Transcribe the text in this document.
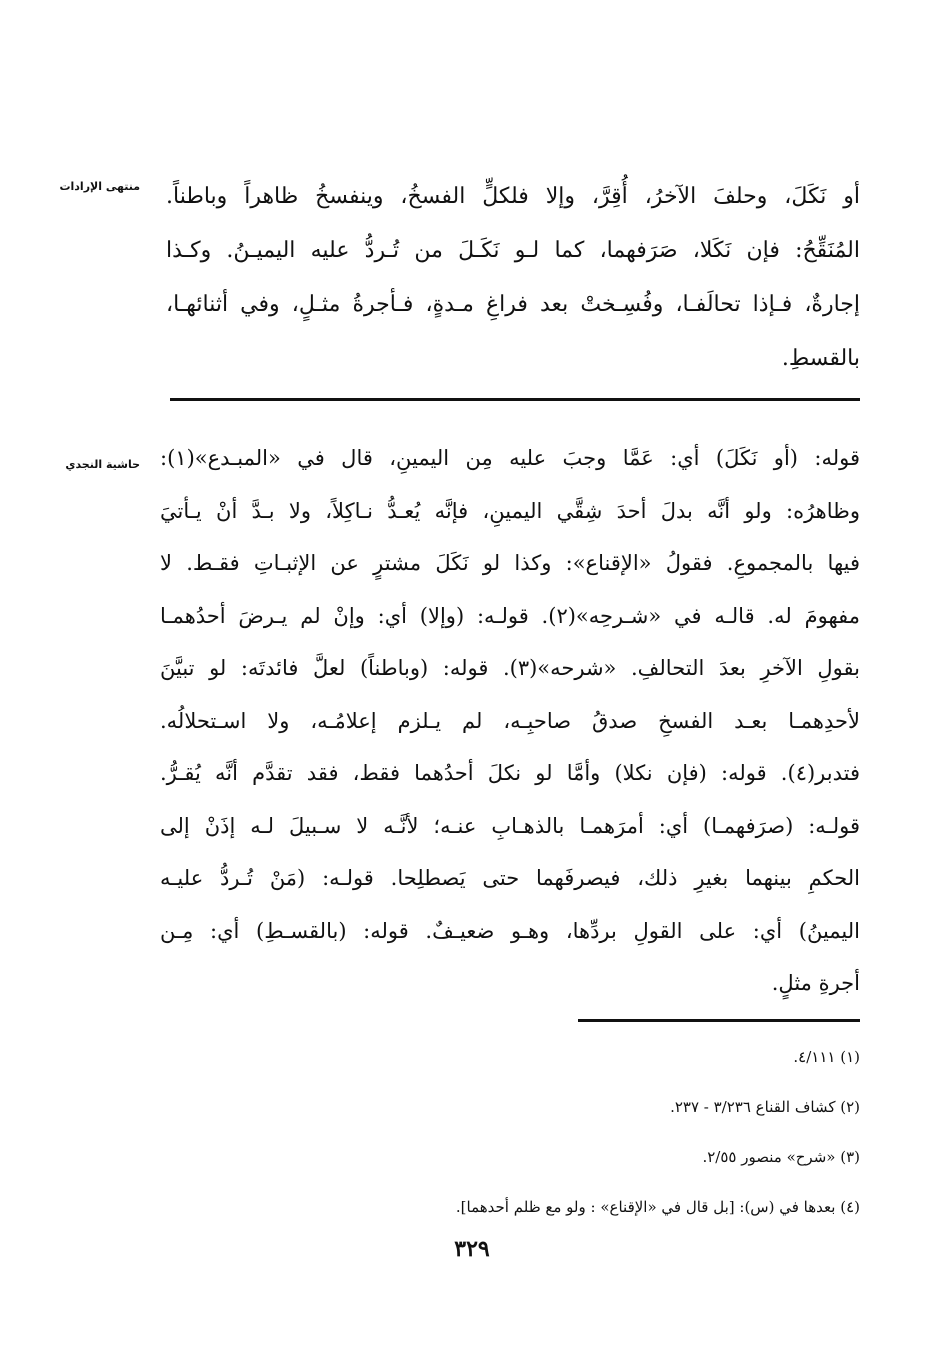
منتهى الإرادات أو نَكَلَ، وحلفَ الآخرُ، أُقِرَّ، وإلا فلكلٍّ الفسخُ، وينفسخُ ظاهراً وباطناً.
المُنَقِّحُ: فإن نَكَلا، صَرَفهما، كما لـو نَكَـلَ من تُـردُّ عليه اليميـنُ. وكـذا
إجارةٌ، فـإذا تحالَفـا، وفُسِـختْ بعد فراغِ مـدةٍ، فـأجرةُ مثـلٍ، وفي أثنائهـا،
بالقسطِ.
حاشية النجدي قوله: (أو نَكَلَ) أي: عَمَّا وجبَ عليه مِن اليمينِ، قال في «المبـدع»(١):
وظاهرُه: ولو أنَّه بدلَ أحدَ شِقَّي اليمينِ، فإنَّه يُعـدُّ نـاكِلاً، ولا بـدَّ أنْ يـأتيَ
فيها بالمجموعِ. فقولُ «الإقناع»: وكذا لو نَكَلَ مشترٍ عن الإثبـاتِ فقـط. لا
مفهومَ له. قالـه في «شـرحِه»(٢). قولـه: (وإلا) أي: وإنْ لم يـرضَ أحدُهمـا
بقولِ الآخرِ بعدَ التحالفِ. «شرحه»(٣). قوله: (وباطناً) لعلَّ فائدتَه: لو تبيَّنَ
لأحدِهمـا بعـد الفسخِ صدقُ صاحبِـه، لم يـلزم إعلامُـه، ولا اسـتحلالُه.
فتدبر(٤). قوله: (فإن نكلا) وأمَّا لو نكلَ أحدُهما فقط، فقد تقدَّم أنَّه يُقـرُّ.
قولـه: (صرَفهمـا) أي: أمرَهمـا بالذهـابِ عنـه؛ لأنَّـه لا سـبيلَ لـه إذَنْ إلى
الحكمِ بينهما بغيرِ ذلك، فيصرفَهما حتى يَصطلِحا. قولـه: (مَنْ تُـردُّ عليـه
اليمينُ) أي: على القولِ بردِّها، وهـو ضعيـفٌ. قوله: (بالقسـطِ) أي: مِـن
أجرةِ مثلٍ.
(١) ٤/١١١.
(٢) كشاف القناع ٣/٢٣٦ - ٢٣٧.
(٣) «شرح» منصور ٢/٥٥.
(٤) بعدها في (س): [بل قال في «الإقناع» : ولو مع ظلم أحدهما].
٣٢٩
